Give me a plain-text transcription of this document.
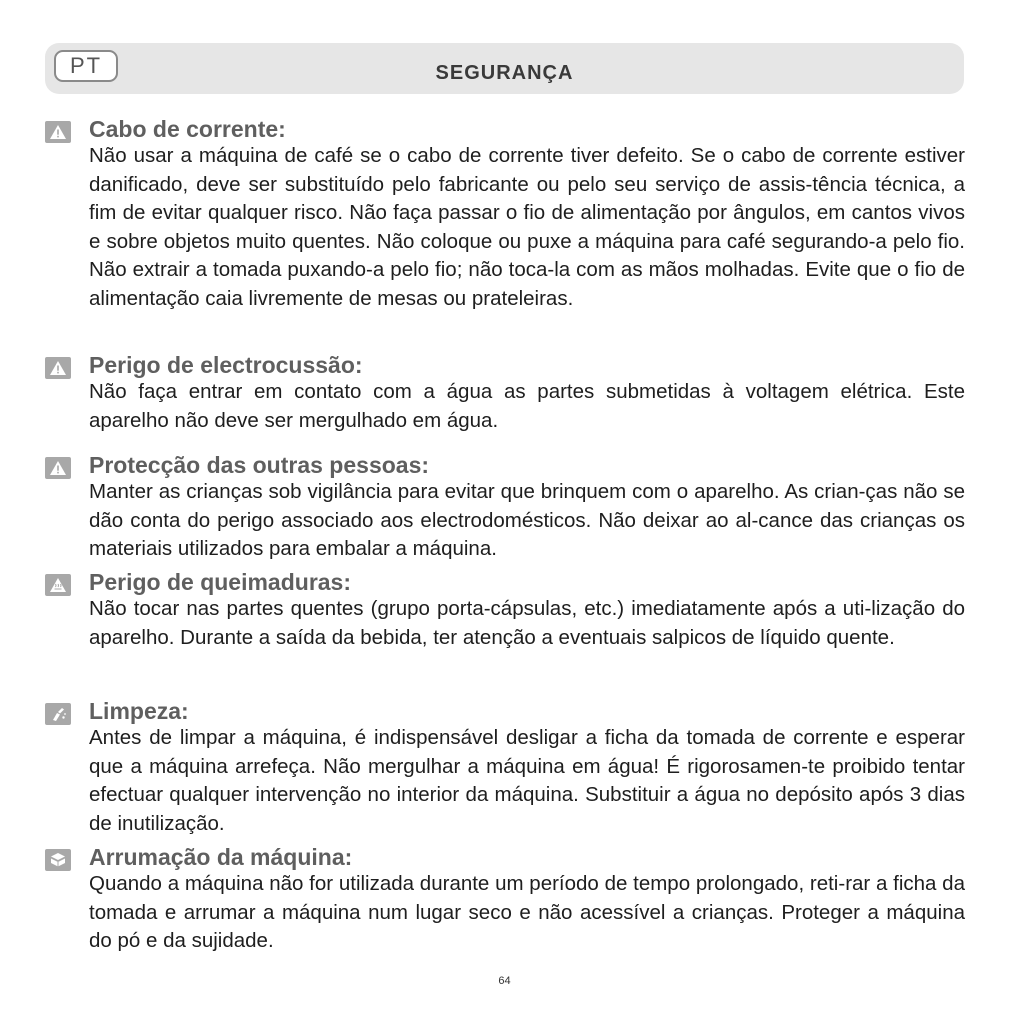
PT	SEGURANÇA
Cabo de corrente:
Não usar a máquina de café se o cabo de corrente tiver defeito. Se o cabo de corrente estiver danificado, deve ser substituído pelo fabricante ou pelo seu serviço de assis-tência técnica, a fim de evitar qualquer risco. Não faça passar o fio de alimentação por ângulos, em cantos vivos e sobre objetos muito quentes. Não coloque ou puxe a máquina para café segurando-a pelo fio. Não extrair a tomada puxando-a pelo fio; não toca-la com as mãos molhadas. Evite que o fio de alimentação caia livremente de mesas ou prateleiras.
Perigo de electrocussão:
Não faça entrar em contato com a água as partes submetidas à voltagem elétrica. Este aparelho não deve ser mergulhado em água.
Protecção das outras pessoas:
Manter as crianças sob vigilância para evitar que brinquem com o aparelho. As crian-ças não se dão conta do perigo associado aos electrodomésticos. Não deixar ao al-cance das crianças os materiais utilizados para embalar a máquina.
Perigo de queimaduras:
Não tocar nas partes quentes (grupo porta-cápsulas, etc.) imediatamente após a uti-lização do aparelho. Durante a saída da bebida, ter atenção a eventuais salpicos de líquido quente.
Limpeza:
Antes de limpar a máquina, é indispensável desligar a ficha da tomada de corrente e esperar que a máquina arrefeça. Não mergulhar a máquina em água! É rigorosamen-te proibido tentar efectuar qualquer intervenção no interior da máquina. Substituir a água no depósito após 3 dias de inutilização.
Arrumação da máquina:
Quando a máquina não for utilizada durante um período de tempo prolongado, reti-rar a ficha da tomada e arrumar a máquina num lugar seco e não acessível a crianças. Proteger a máquina do pó e da sujidade.
64
